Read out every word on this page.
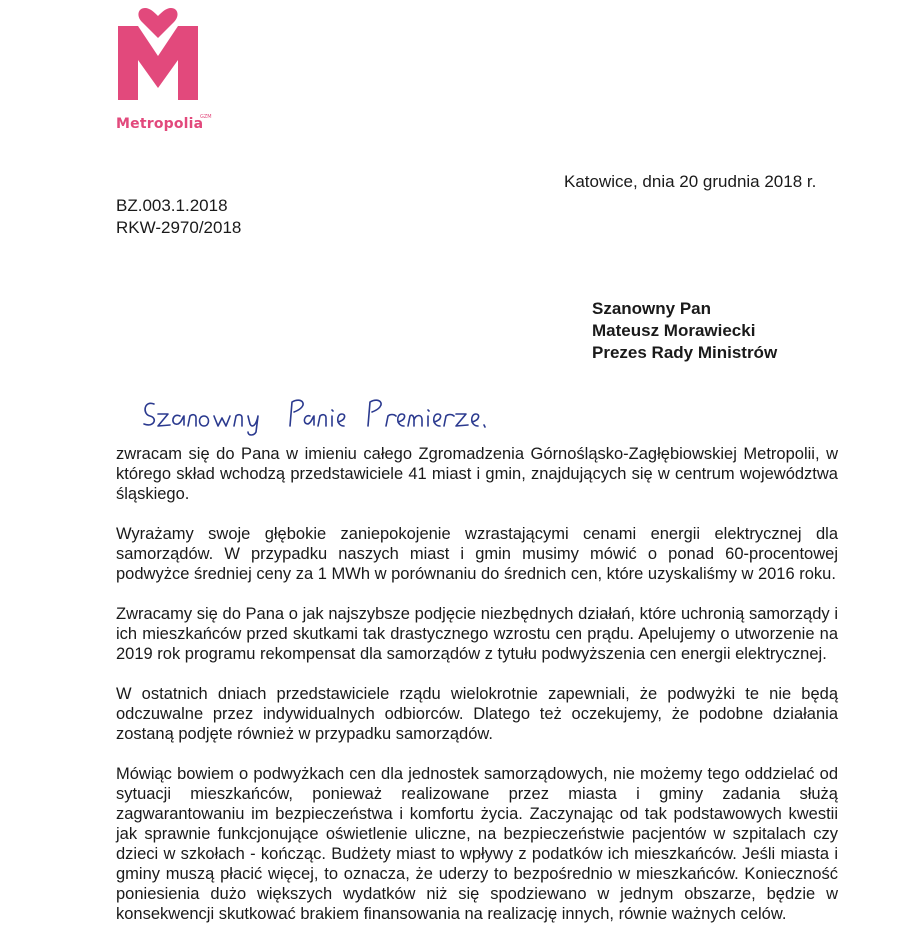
Metropolia
GZM
Katowice, dnia 20 grudnia 2018 r.
BZ.003.1.2018
RKW-2970/2018
Szanowny Pan
Mateusz Morawiecki
Prezes Rady Ministrów

zwracam się do Pana w imieniu całego Zgromadzenia Górnośląsko-Zagłębiowskiej Metropolii, w którego skład wchodzą przedstawiciele 41 miast i gmin, znajdujących się w centrum województwa śląskiego.

Wyrażamy swoje głębokie zaniepokojenie wzrastającymi cenami energii elektrycznej dla samorządów. W przypadku naszych miast i gmin musimy mówić o ponad 60-procentowej podwyżce średniej ceny za 1 MWh w porównaniu do średnich cen, które uzyskaliśmy w 2016 roku.

Zwracamy się do Pana o jak najszybsze podjęcie niezbędnych działań, które uchronią samorządy i ich mieszkańców przed skutkami tak drastycznego wzrostu cen prądu. Apelujemy o utworzenie na 2019 rok programu rekompensat dla samorządów z tytułu podwyższenia cen energii elektrycznej.

W ostatnich dniach przedstawiciele rządu wielokrotnie zapewniali, że podwyżki te nie będą odczuwalne przez indywidualnych odbiorców. Dlatego też oczekujemy, że podobne działania zostaną podjęte również w przypadku samorządów.

Mówiąc bowiem o podwyżkach cen dla jednostek samorządowych, nie możemy tego oddzielać od sytuacji mieszkańców, ponieważ realizowane przez miasta i gminy zadania służą zagwarantowaniu im bezpieczeństwa i komfortu życia. Zaczynając od tak podstawowych kwestii jak sprawnie funkcjonujące oświetlenie uliczne, na bezpieczeństwie pacjentów w szpitalach czy dzieci w szkołach - kończąc. Budżety miast to wpływy z podatków ich mieszkańców. Jeśli miasta i gminy muszą płacić więcej, to oznacza, że uderzy to bezpośrednio w mieszkańców. Konieczność poniesienia dużo większych wydatków niż się spodziewano w jednym obszarze, będzie w konsekwencji skutkować brakiem finansowania na realizację innych, równie ważnych celów.
